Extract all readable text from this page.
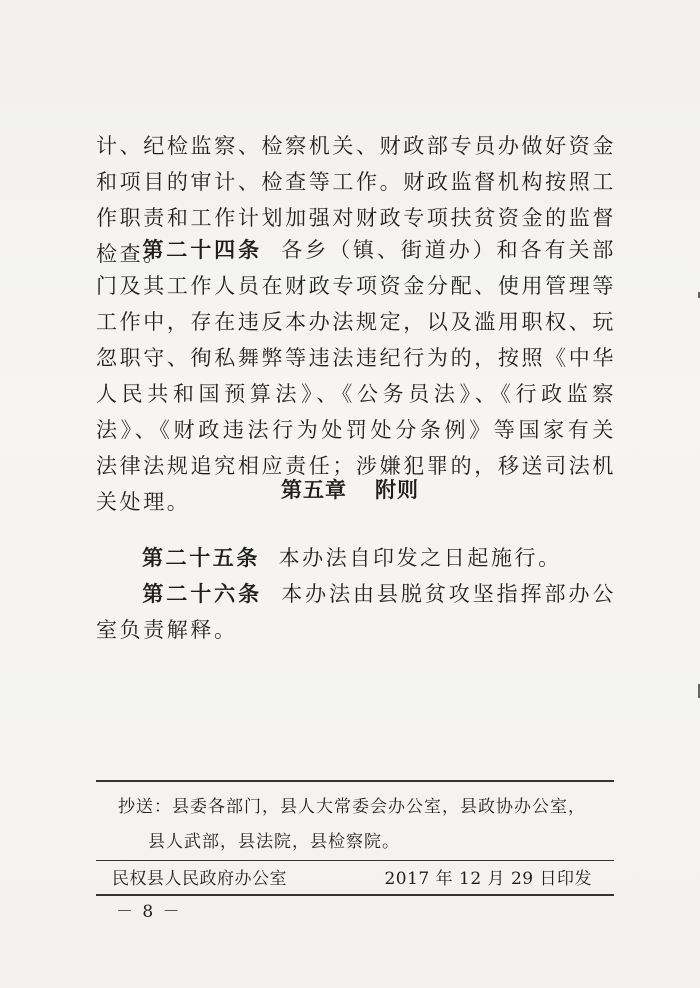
计、纪检监察、检察机关、财政部专员办做好资金和项目的审计、检查等工作。财政监督机构按照工作职责和工作计划加强对财政专项扶贫资金的监督检查。
第二十四条 各乡（镇、街道办）和各有关部门及其工作人员在财政专项资金分配、使用管理等工作中，存在违反本办法规定，以及滥用职权、玩忽职守、徇私舞弊等违法违纪行为的，按照《中华人民共和国预算法》、《公务员法》、《行政监察法》、《财政违法行为处罚处分条例》等国家有关法律法规追究相应责任；涉嫌犯罪的，移送司法机关处理。	第五章 附则
第二十五条 本办法自印发之日起施行。
第二十六条 本办法由县脱贫攻坚指挥部办公室负责解释。
抄送：县委各部门，县人大常委会办公室，县政协办公室，
县人武部，县法院，县检察院。
民权县人民政府办公室	2017 年 12 月 29 日印发
－ 8 －
